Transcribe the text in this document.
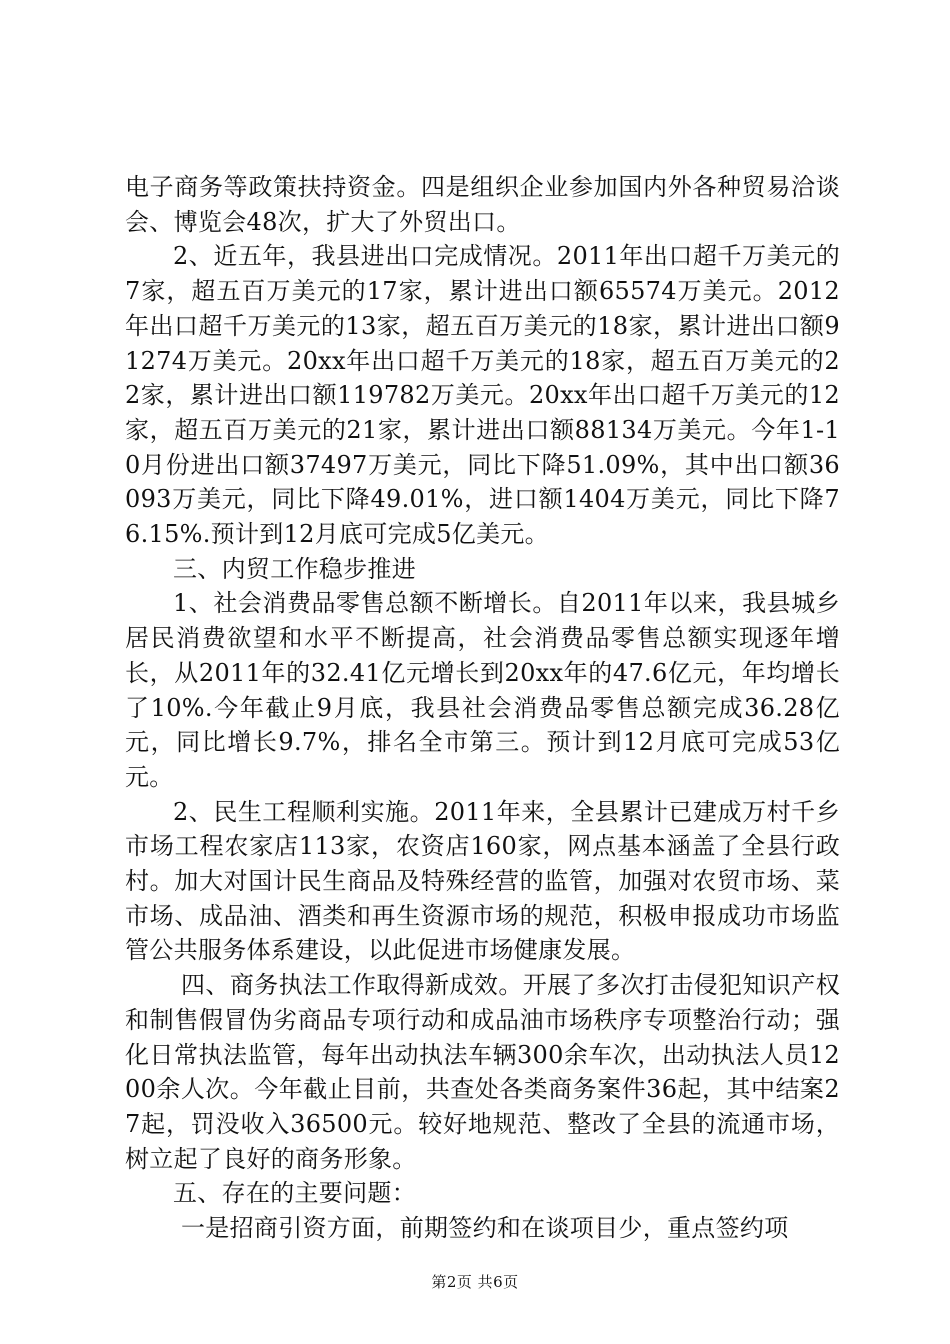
电子商务等政策扶持资金。四是组织企业参加国内外各种贸易洽谈会、博览会48次，扩大了外贸出口。

2、近五年，我县进出口完成情况。2011年出口超千万美元的7家，超五百万美元的17家，累计进出口额65574万美元。2012年出口超千万美元的13家，超五百万美元的18家，累计进出口额91274万美元。20xx年出口超千万美元的18家，超五百万美元的22家，累计进出口额119782万美元。20xx年出口超千万美元的12家，超五百万美元的21家，累计进出口额88134万美元。今年1-10月份进出口额37497万美元，同比下降51.09%，其中出口额36093万美元，同比下降49.01%，进口额1404万美元，同比下降76.15%.预计到12月底可完成5亿美元。

三、内贸工作稳步推进

1、社会消费品零售总额不断增长。自2011年以来，我县城乡居民消费欲望和水平不断提高，社会消费品零售总额实现逐年增长，从2011年的32.41亿元增长到20xx年的47.6亿元，年均增长了10%.今年截止9月底，我县社会消费品零售总额完成36.28亿元，同比增长9.7%，排名全市第三。预计到12月底可完成53亿元。

2、民生工程顺利实施。2011年来，全县累计已建成万村千乡市场工程农家店113家，农资店160家，网点基本涵盖了全县行政村。加大对国计民生商品及特殊经营的监管，加强对农贸市场、菜市场、成品油、酒类和再生资源市场的规范，积极申报成功市场监管公共服务体系建设，以此促进市场健康发展。

四、商务执法工作取得新成效。开展了多次打击侵犯知识产权和制售假冒伪劣商品专项行动和成品油市场秩序专项整治行动；强化日常执法监管，每年出动执法车辆300余车次，出动执法人员1200余人次。今年截止目前，共查处各类商务案件36起，其中结案27起，罚没收入36500元。较好地规范、整改了全县的流通市场，树立起了良好的商务形象。

五、存在的主要问题：

一是招商引资方面，前期签约和在谈项目少，重点签约项

第2页 共6页
